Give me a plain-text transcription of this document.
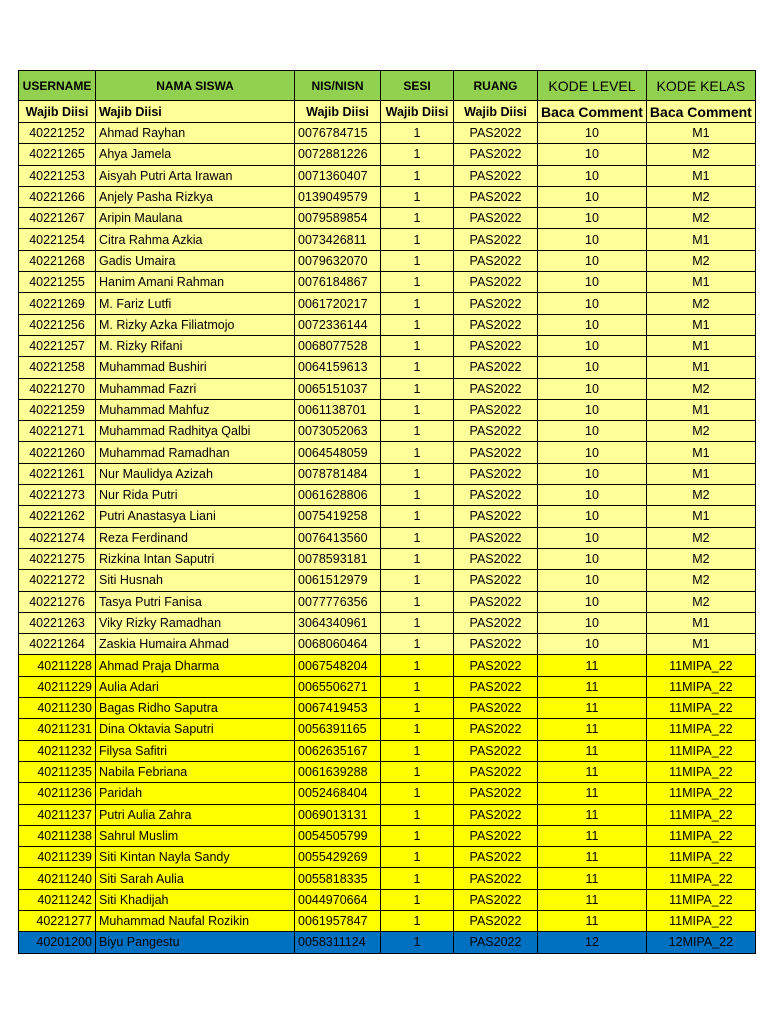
USERNAME	NAMA SISWA	NIS/NISN	SESI	RUANG	KODE LEVEL	KODE KELAS
Wajib Diisi	Wajib Diisi	Wajib Diisi	Wajib Diisi	Wajib Diisi	Baca Comment	Baca Comment
40221252	Ahmad Rayhan	0076784715	1	PAS2022	10	M1
40221265	Ahya Jamela	0072881226	1	PAS2022	10	M2
40221253	Aisyah Putri Arta Irawan	0071360407	1	PAS2022	10	M1
40221266	Anjely Pasha Rizkya	0139049579	1	PAS2022	10	M2
40221267	Aripin Maulana	0079589854	1	PAS2022	10	M2
40221254	Citra Rahma Azkia	0073426811	1	PAS2022	10	M1
40221268	Gadis Umaira	0079632070	1	PAS2022	10	M2
40221255	Hanim Amani Rahman	0076184867	1	PAS2022	10	M1
40221269	M. Fariz Lutfi	0061720217	1	PAS2022	10	M2
40221256	M. Rizky Azka Filiatmojo	0072336144	1	PAS2022	10	M1
40221257	M. Rizky Rifani	0068077528	1	PAS2022	10	M1
40221258	Muhammad Bushiri	0064159613	1	PAS2022	10	M1
40221270	Muhammad Fazri	0065151037	1	PAS2022	10	M2
40221259	Muhammad Mahfuz	0061138701	1	PAS2022	10	M1
40221271	Muhammad Radhitya Qalbi	0073052063	1	PAS2022	10	M2
40221260	Muhammad Ramadhan	0064548059	1	PAS2022	10	M1
40221261	Nur Maulidya Azizah	0078781484	1	PAS2022	10	M1
40221273	Nur Rida Putri	0061628806	1	PAS2022	10	M2
40221262	Putri Anastasya Liani	0075419258	1	PAS2022	10	M1
40221274	Reza Ferdinand	0076413560	1	PAS2022	10	M2
40221275	Rizkina Intan Saputri	0078593181	1	PAS2022	10	M2
40221272	Siti Husnah	0061512979	1	PAS2022	10	M2
40221276	Tasya Putri Fanisa	0077776356	1	PAS2022	10	M2
40221263	Viky Rizky Ramadhan	3064340961	1	PAS2022	10	M1
40221264	Zaskia Humaira Ahmad	0068060464	1	PAS2022	10	M1
40211228	Ahmad Praja Dharma	0067548204	1	PAS2022	11	11MIPA_22
40211229	Aulia Adari	0065506271	1	PAS2022	11	11MIPA_22
40211230	Bagas Ridho Saputra	0067419453	1	PAS2022	11	11MIPA_22
40211231	Dina Oktavia Saputri	0056391165	1	PAS2022	11	11MIPA_22
40211232	Filysa Safitri	0062635167	1	PAS2022	11	11MIPA_22
40211235	Nabila Febriana	0061639288	1	PAS2022	11	11MIPA_22
40211236	Paridah	0052468404	1	PAS2022	11	11MIPA_22
40211237	Putri Aulia Zahra	0069013131	1	PAS2022	11	11MIPA_22
40211238	Sahrul Muslim	0054505799	1	PAS2022	11	11MIPA_22
40211239	Siti Kintan Nayla Sandy	0055429269	1	PAS2022	11	11MIPA_22
40211240	Siti Sarah Aulia	0055818335	1	PAS2022	11	11MIPA_22
40211242	Siti Khadijah	0044970664	1	PAS2022	11	11MIPA_22
40221277	Muhammad Naufal Rozikin	0061957847	1	PAS2022	11	11MIPA_22
40201200	Biyu Pangestu	0058311124	1	PAS2022	12	12MIPA_22
